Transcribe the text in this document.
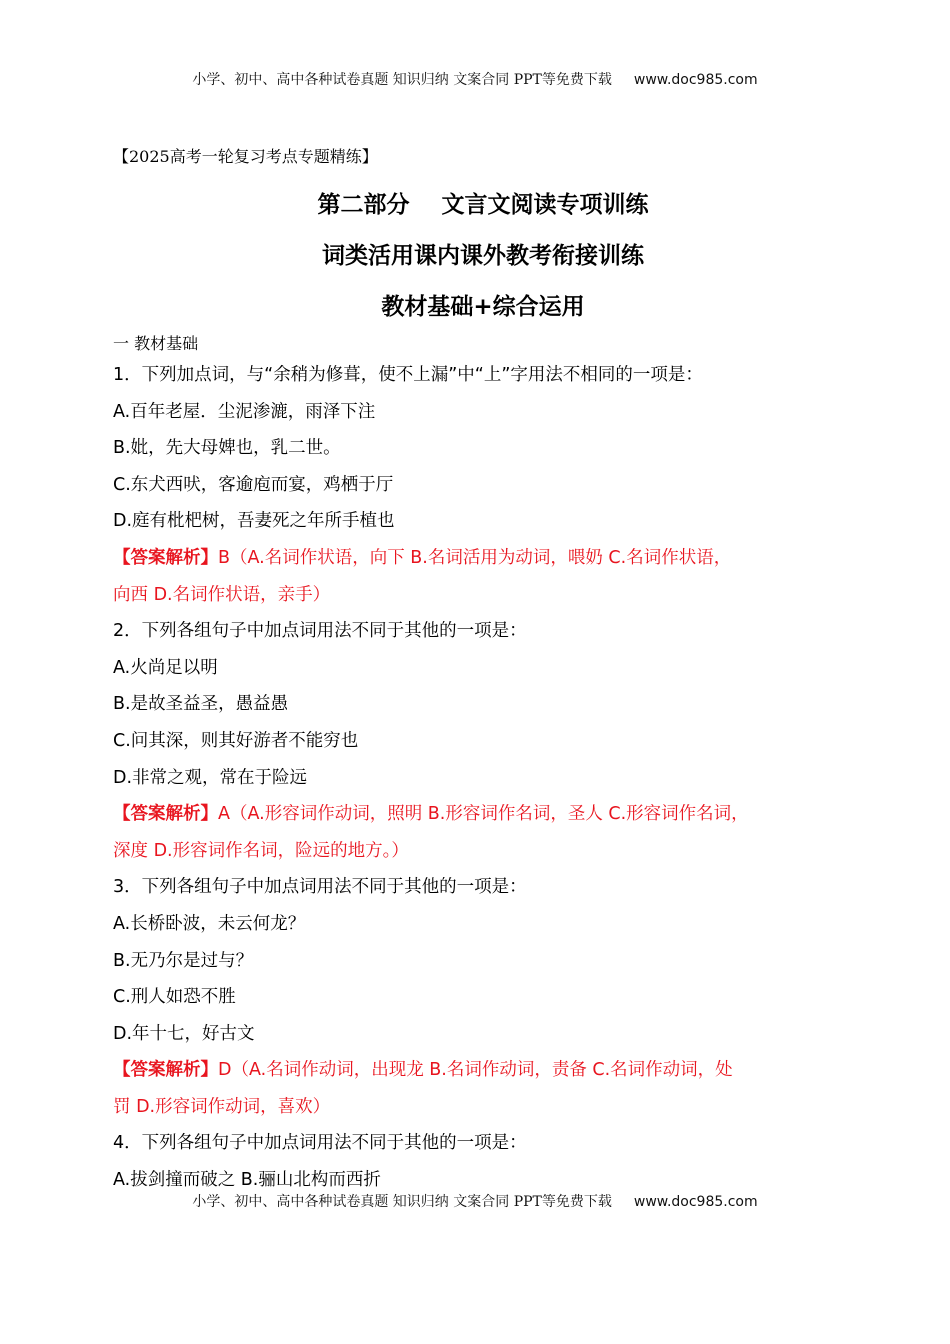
小学、初中、高中各种试卷真题 知识归纳 文案合同 PPT等免费下载 www.doc985.com
【2025高考一轮复习考点专题精练】
第二部分    文言文阅读专项训练
词类活用课内课外教考衔接训练
教材基础+综合运用
一 教材基础
1．下列加点词，与“余稍为修葺，使不上漏”中“上”字用法不相同的一项是：
A.百年老屋．尘泥渗漉，雨泽下注
B.妣，先大母婢也，乳二世。
C.东犬西吠，客逾庖而宴，鸡栖于厅
D.庭有枇杷树，吾妻死之年所手植也
【答案解析】B（A.名词作状语，向下 B.名词活用为动词，喂奶 C.名词作状语，
向西 D.名词作状语，亲手）
2．下列各组句子中加点词用法不同于其他的一项是：
A.火尚足以明
B.是故圣益圣，愚益愚
C.问其深，则其好游者不能穷也
D.非常之观，常在于险远
【答案解析】A（A.形容词作动词，照明 B.形容词作名词，圣人 C.形容词作名词，
深度 D.形容词作名词，险远的地方。）
3．下列各组句子中加点词用法不同于其他的一项是：
A.长桥卧波，未云何龙？
B.无乃尔是过与？
C.刑人如恐不胜
D.年十七，好古文
【答案解析】D（A.名词作动词，出现龙 B.名词作动词，责备 C.名词作动词，处
罚 D.形容词作动词，喜欢）
4．下列各组句子中加点词用法不同于其他的一项是：
A.拔剑撞而破之 B.骊山北构而西折
小学、初中、高中各种试卷真题 知识归纳 文案合同 PPT等免费下载 www.doc985.com
